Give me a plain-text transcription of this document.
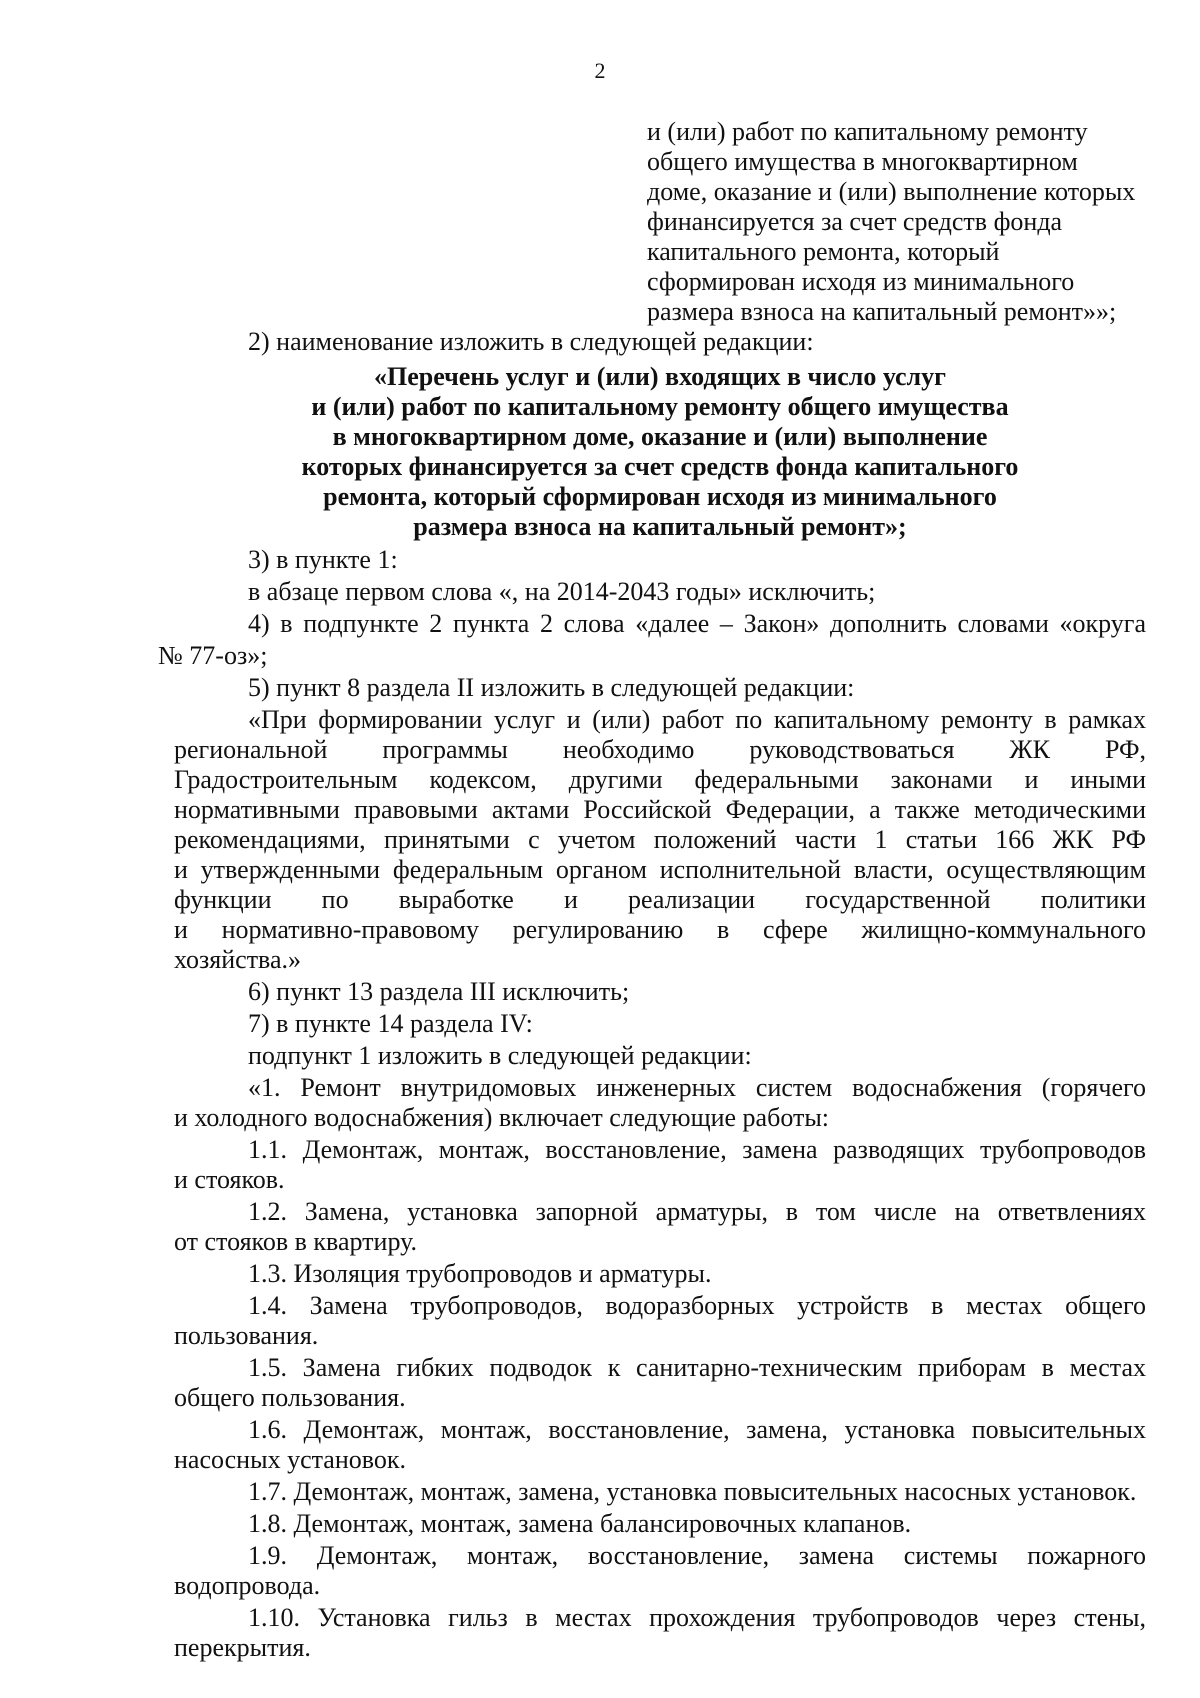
2
и (или) работ по капитальному ремонту
общего имущества в многоквартирном
доме, оказание и (или) выполнение которых
финансируется за счет средств фонда
капитального ремонта, который
сформирован исходя из минимального
размера взноса на капитальный ремонт»»;
2) наименование изложить в следующей редакции:
«Перечень услуг и (или) входящих в число услуг
и (или) работ по капитальному ремонту общего имущества
в многоквартирном доме, оказание и (или) выполнение
которых финансируется за счет средств фонда капитального
ремонта, который сформирован исходя из минимального
размера взноса на капитальный ремонт»;
3) в пункте 1:
в абзаце первом слова «, на 2014-2043 годы» исключить;
4) в подпункте 2 пункта 2 слова «далее – Закон» дополнить словами «округа
№ 77-оз»;
5) пункт 8 раздела II изложить в следующей редакции:
«При формировании услуг и (или) работ по капитальному ремонту в рамках
региональной программы необходимо руководствоваться ЖК РФ,
Градостроительным кодексом, другими федеральными законами и иными
нормативными правовыми актами Российской Федерации, а также методическими
рекомендациями, принятыми с учетом положений части 1 статьи 166 ЖК РФ
и утвержденными федеральным органом исполнительной власти, осуществляющим
функции по выработке и реализации государственной политики
и нормативно-правовому регулированию в сфере жилищно-коммунального
хозяйства.»
6) пункт 13 раздела III исключить;
7) в пункте 14 раздела IV:
подпункт 1 изложить в следующей редакции:
«1. Ремонт внутридомовых инженерных систем водоснабжения (горячего
и холодного водоснабжения) включает следующие работы:
1.1. Демонтаж, монтаж, восстановление, замена разводящих трубопроводов
и стояков.
1.2. Замена, установка запорной арматуры, в том числе на ответвлениях
от стояков в квартиру.
1.3. Изоляция трубопроводов и арматуры.
1.4. Замена трубопроводов, водоразборных устройств в местах общего
пользования.
1.5. Замена гибких подводок к санитарно-техническим приборам в местах
общего пользования.
1.6. Демонтаж, монтаж, восстановление, замена, установка повысительных
насосных установок.
1.7. Демонтаж, монтаж, замена, установка повысительных насосных установок.
1.8. Демонтаж, монтаж, замена балансировочных клапанов.
1.9. Демонтаж, монтаж, восстановление, замена системы пожарного
водопровода.
1.10. Установка гильз в местах прохождения трубопроводов через стены,
перекрытия.
